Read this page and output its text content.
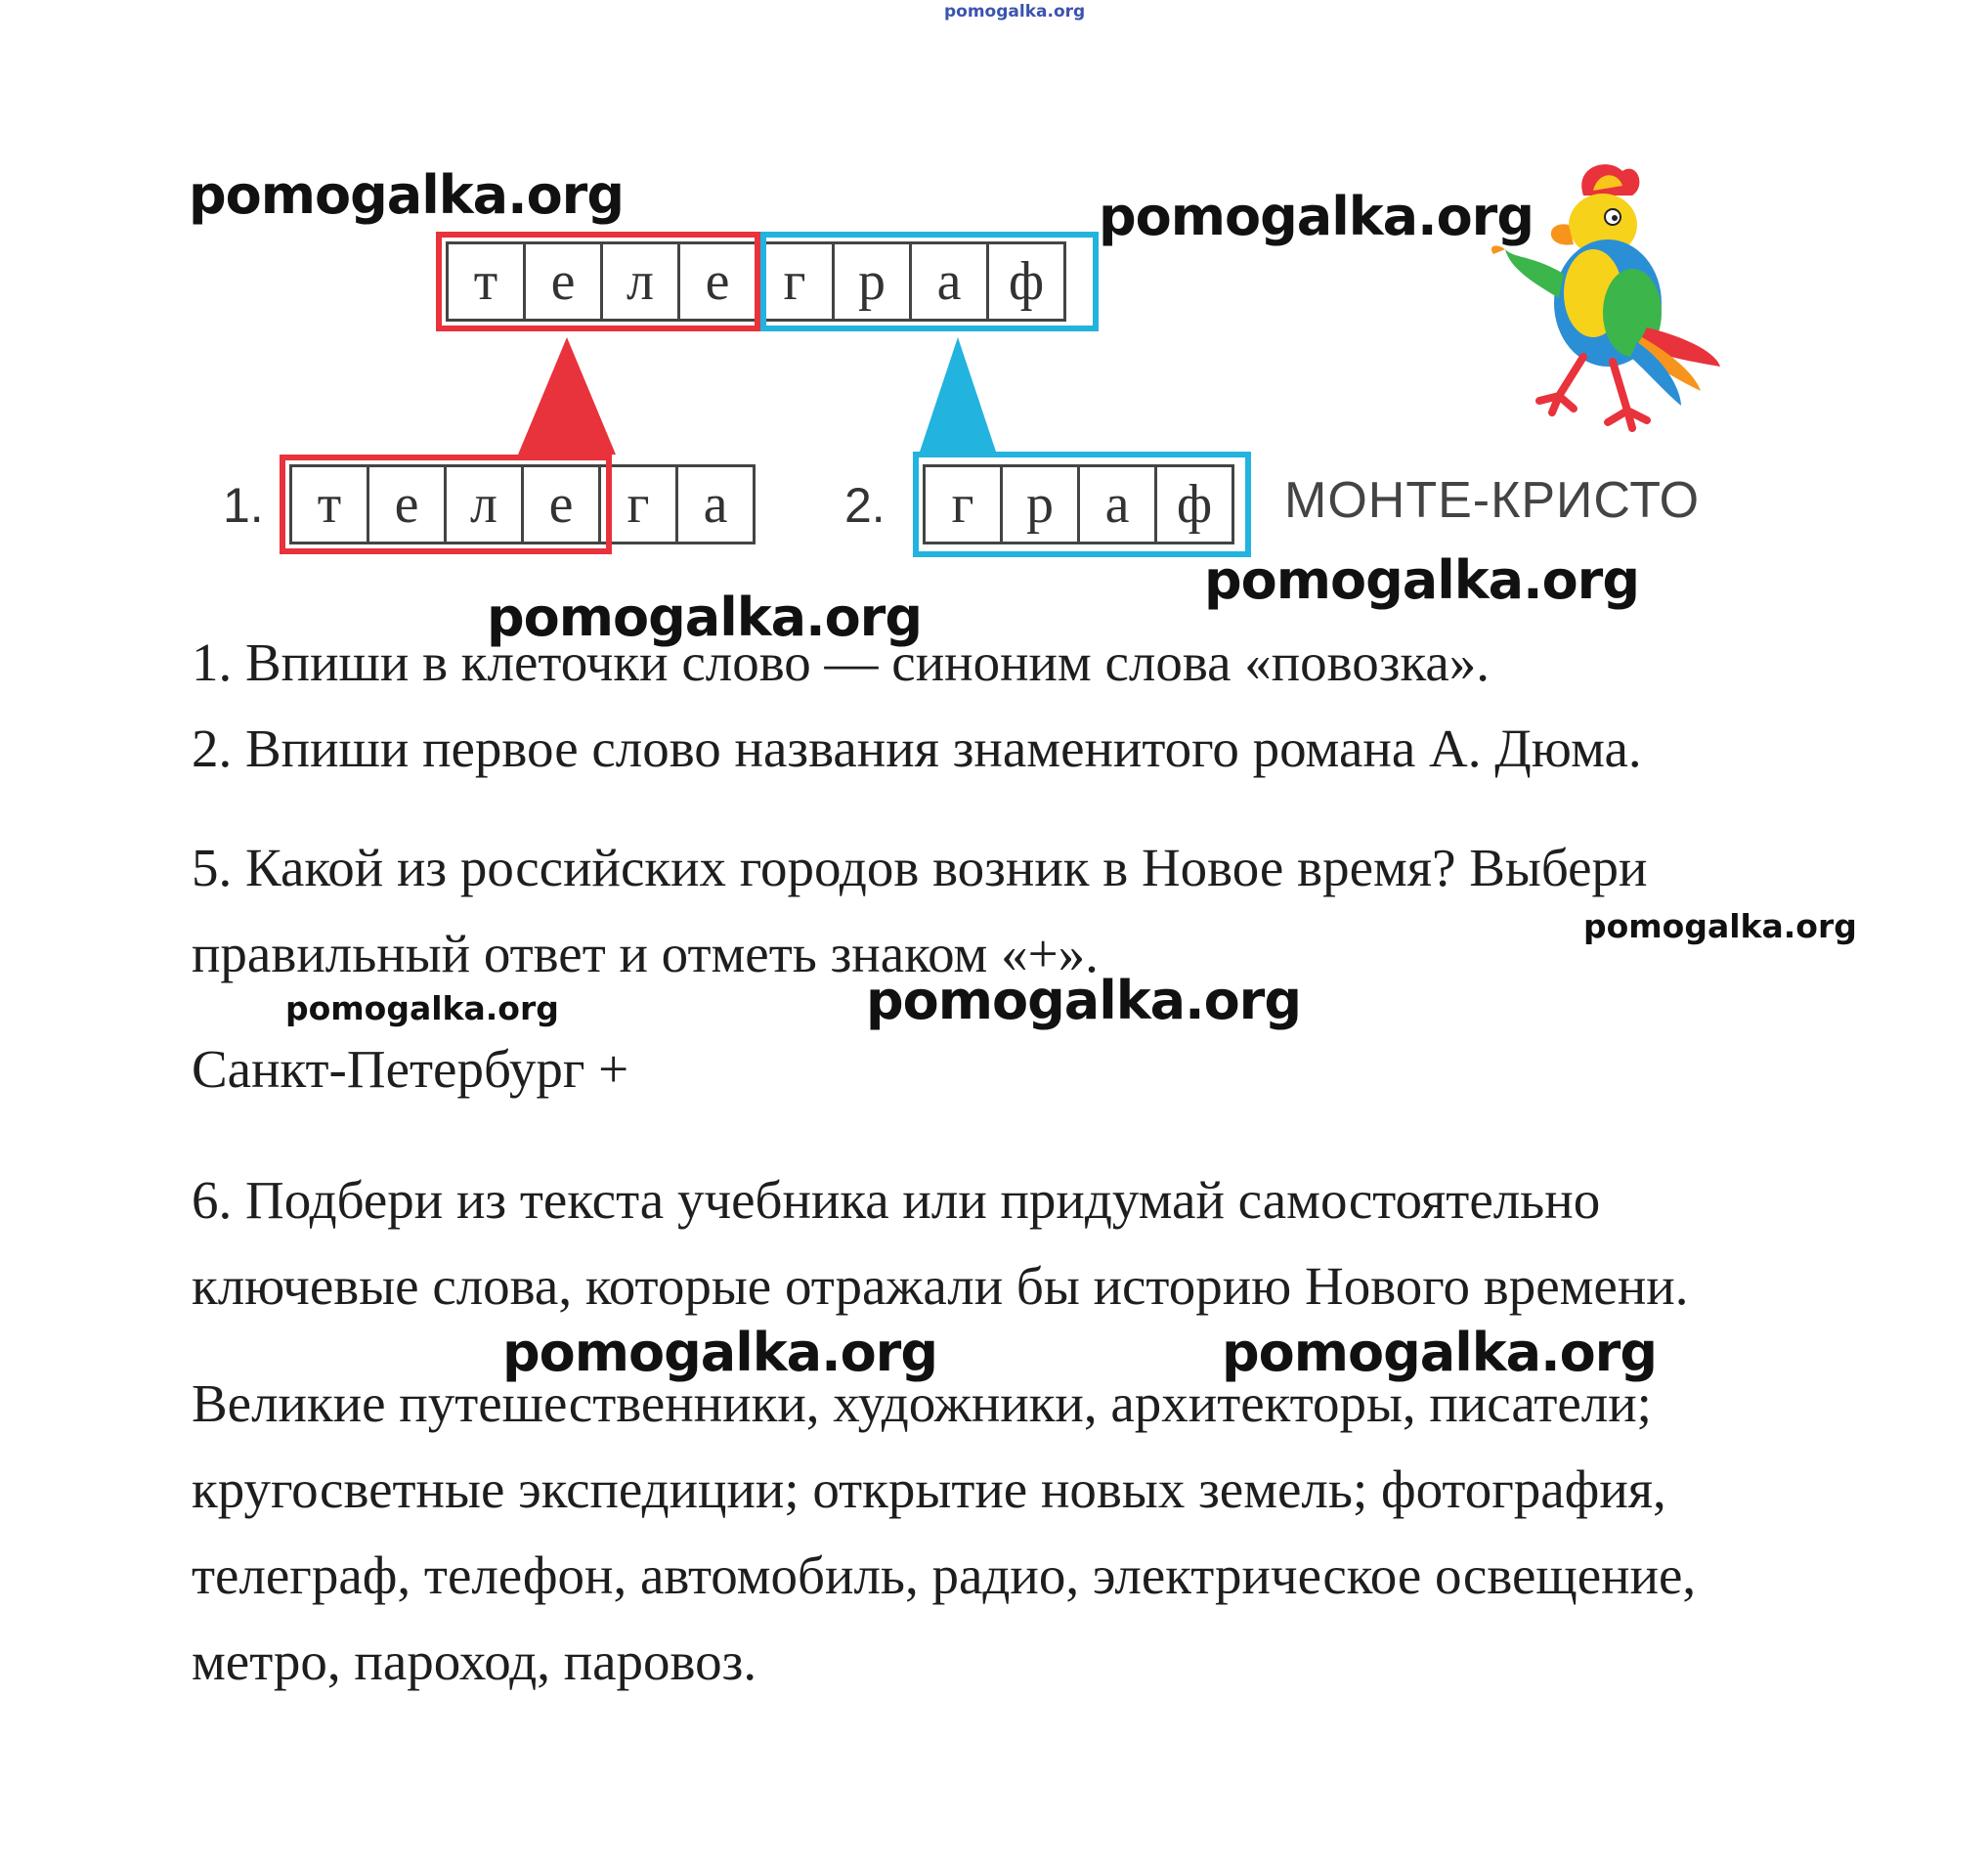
pomogalka.org
т е л е г р а ф
1. т е л е г а	2.	г р а ф	МОНТЕ-КРИСТО
pomogalka.org	pomogalka.org
pomogalka.org
pomogalka.org
pomogalka.org
pomogalka.org	pomogalka.org
pomogalka.org	pomogalka.org
1. Впиши в клеточки слово — синоним слова «повозка».
2. Впиши первое слово названия знаменитого романа А. Дюма.
5. Какой из российских городов возник в Новое время? Выбери
правильный ответ и отметь знаком «+».
Санкт-Петербург +
6. Подбери из текста учебника или придумай самостоятельно
ключевые слова, которые отражали бы историю Нового времени.
Великие путешественники, художники, архитекторы, писатели;
кругосветные экспедиции; открытие новых земель; фотография,
телеграф, телефон, автомобиль, радио, электрическое освещение,
метро, пароход, паровоз.
